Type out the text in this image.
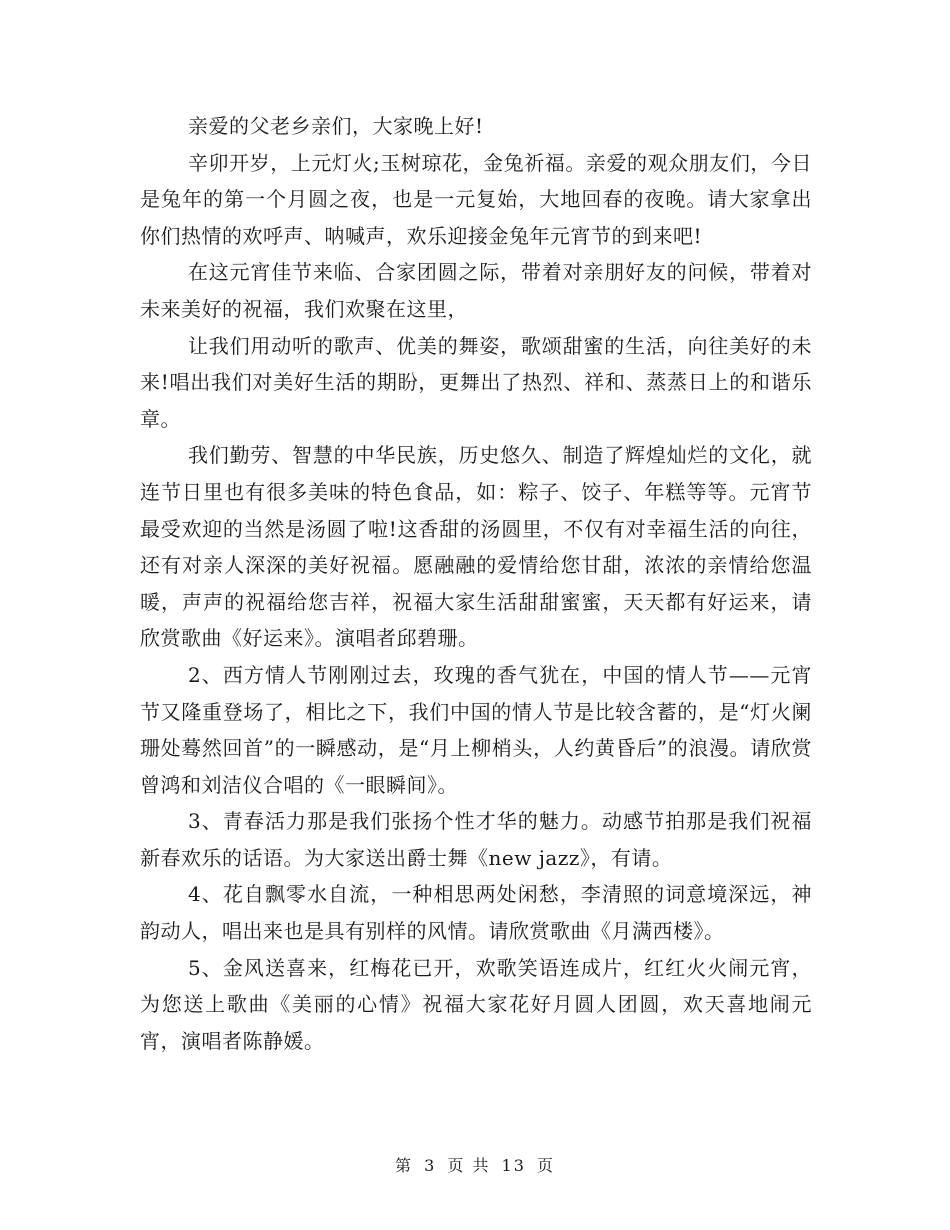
亲爱的父老乡亲们，大家晚上好!

辛卯开岁，上元灯火;玉树琼花，金兔祈福。亲爱的观众朋友们，今日是兔年的第一个月圆之夜，也是一元复始，大地回春的夜晚。请大家拿出你们热情的欢呼声、呐喊声，欢乐迎接金兔年元宵节的到来吧!

在这元宵佳节来临、合家团圆之际，带着对亲朋好友的问候，带着对未来美好的祝福，我们欢聚在这里，

让我们用动听的歌声、优美的舞姿，歌颂甜蜜的生活，向往美好的未来!唱出我们对美好生活的期盼，更舞出了热烈、祥和、蒸蒸日上的和谐乐章。

我们勤劳、智慧的中华民族，历史悠久、制造了辉煌灿烂的文化，就连节日里也有很多美味的特色食品，如：粽子、饺子、年糕等等。元宵节最受欢迎的当然是汤圆了啦!这香甜的汤圆里，不仅有对幸福生活的向往，还有对亲人深深的美好祝福。愿融融的爱情给您甘甜，浓浓的亲情给您温暖，声声的祝福给您吉祥，祝福大家生活甜甜蜜蜜，天天都有好运来，请欣赏歌曲《好运来》。演唱者邱碧珊。

2、西方情人节刚刚过去，玫瑰的香气犹在，中国的情人节——元宵节又隆重登场了，相比之下，我们中国的情人节是比较含蓄的，是“灯火阑珊处蓦然回首”的一瞬感动，是“月上柳梢头，人约黄昏后”的浪漫。请欣赏曾鸿和刘洁仪合唱的《一眼瞬间》。

3、青春活力那是我们张扬个性才华的魅力。动感节拍那是我们祝福新春欢乐的话语。为大家送出爵士舞《new jazz》，有请。

4、花自飘零水自流，一种相思两处闲愁，李清照的词意境深远，神韵动人，唱出来也是具有别样的风情。请欣赏歌曲《月满西楼》。

5、金风送喜来，红梅花已开，欢歌笑语连成片，红红火火闹元宵，为您送上歌曲《美丽的心情》祝福大家花好月圆人团圆，欢天喜地闹元宵，演唱者陈静媛。

第 3 页 共 13 页
